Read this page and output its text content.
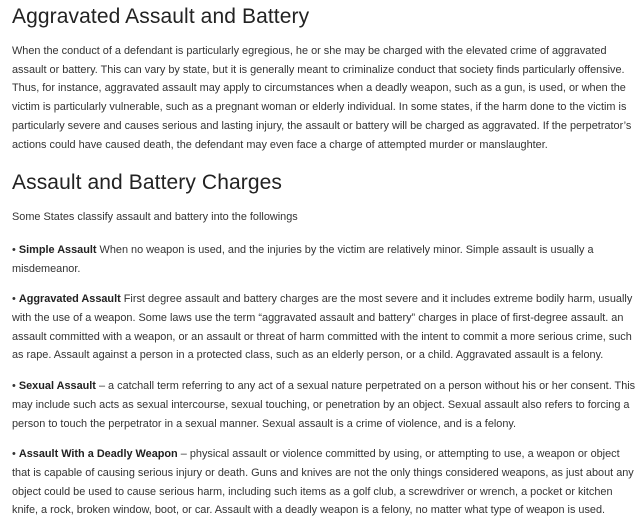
Aggravated Assault and Battery

When the conduct of a defendant is particularly egregious, he or she may be charged with the elevated crime of aggravated assault or battery. This can vary by state, but it is generally meant to criminalize conduct that society finds particularly offensive. Thus, for instance, aggravated assault may apply to circumstances when a deadly weapon, such as a gun, is used, or when the victim is particularly vulnerable, such as a pregnant woman or elderly individual. In some states, if the harm done to the victim is particularly severe and causes serious and lasting injury, the assault or battery will be charged as aggravated. If the perpetrator’s actions could have caused death, the defendant may even face a charge of attempted murder or manslaughter.

Assault and Battery Charges

Some States classify assault and battery into the followings

• Simple Assault When no weapon is used, and the injuries by the victim are relatively minor. Simple assault is usually a misdemeanor.

• Aggravated Assault First degree assault and battery charges are the most severe and it includes extreme bodily harm, usually with the use of a weapon. Some laws use the term “aggravated assault and battery” charges in place of first-degree assault. an assault committed with a weapon, or an assault or threat of harm committed with the intent to commit a more serious crime, such as rape. Assault against a person in a protected class, such as an elderly person, or a child. Aggravated assault is a felony.

• Sexual Assault – a catchall term referring to any act of a sexual nature perpetrated on a person without his or her consent. This may include such acts as sexual intercourse, sexual touching, or penetration by an object. Sexual assault also refers to forcing a person to touch the perpetrator in a sexual manner. Sexual assault is a crime of violence, and is a felony.

• Assault With a Deadly Weapon – physical assault or violence committed by using, or attempting to use, a weapon or object that is capable of causing serious injury or death. Guns and knives are not the only things considered weapons, as just about any object could be used to cause serious harm, including such items as a golf club, a screwdriver or wrench, a pocket or kitchen knife, a rock, broken window, boot, or car. Assault with a deadly weapon is a felony, no matter what type of weapon is used.
